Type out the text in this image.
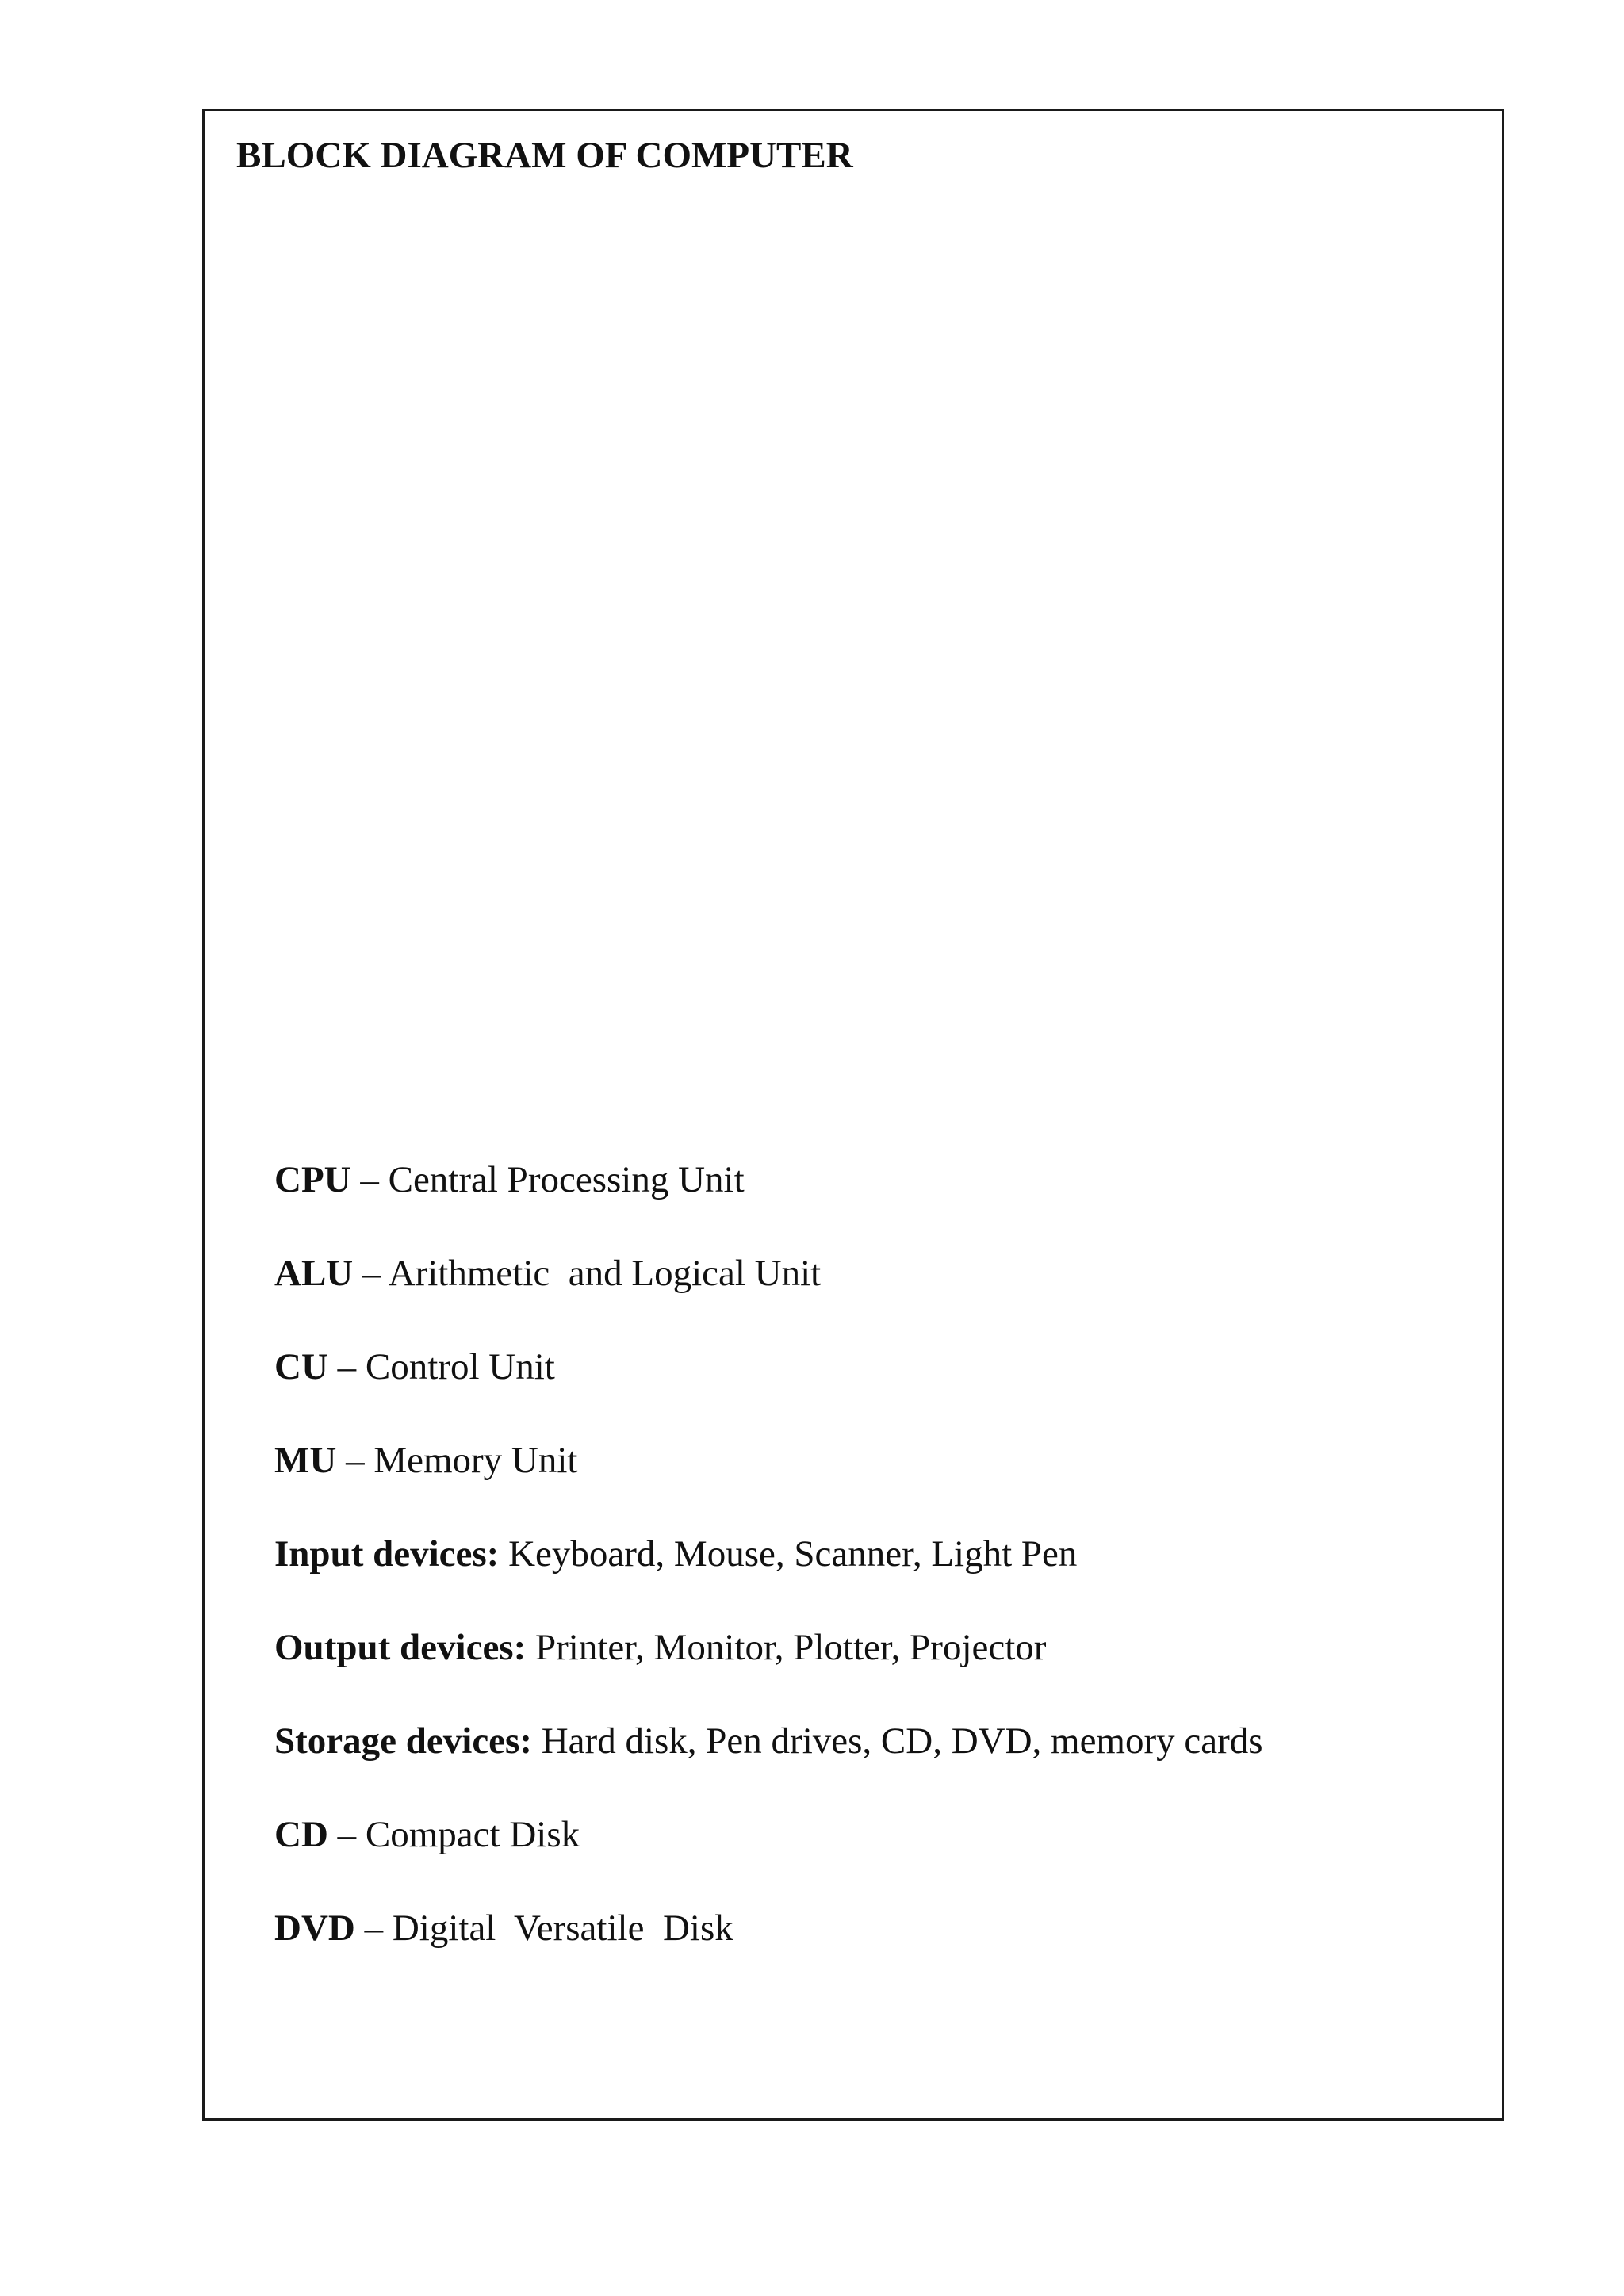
BLOCK DIAGRAM OF COMPUTER
CPU – Central Processing Unit
ALU – Arithmetic  and Logical Unit
CU – Control Unit
MU – Memory Unit
Input devices: Keyboard, Mouse, Scanner, Light Pen
Output devices: Printer, Monitor, Plotter, Projector
Storage devices: Hard disk, Pen drives, CD, DVD, memory cards
CD – Compact Disk
DVD – Digital  Versatile  Disk
